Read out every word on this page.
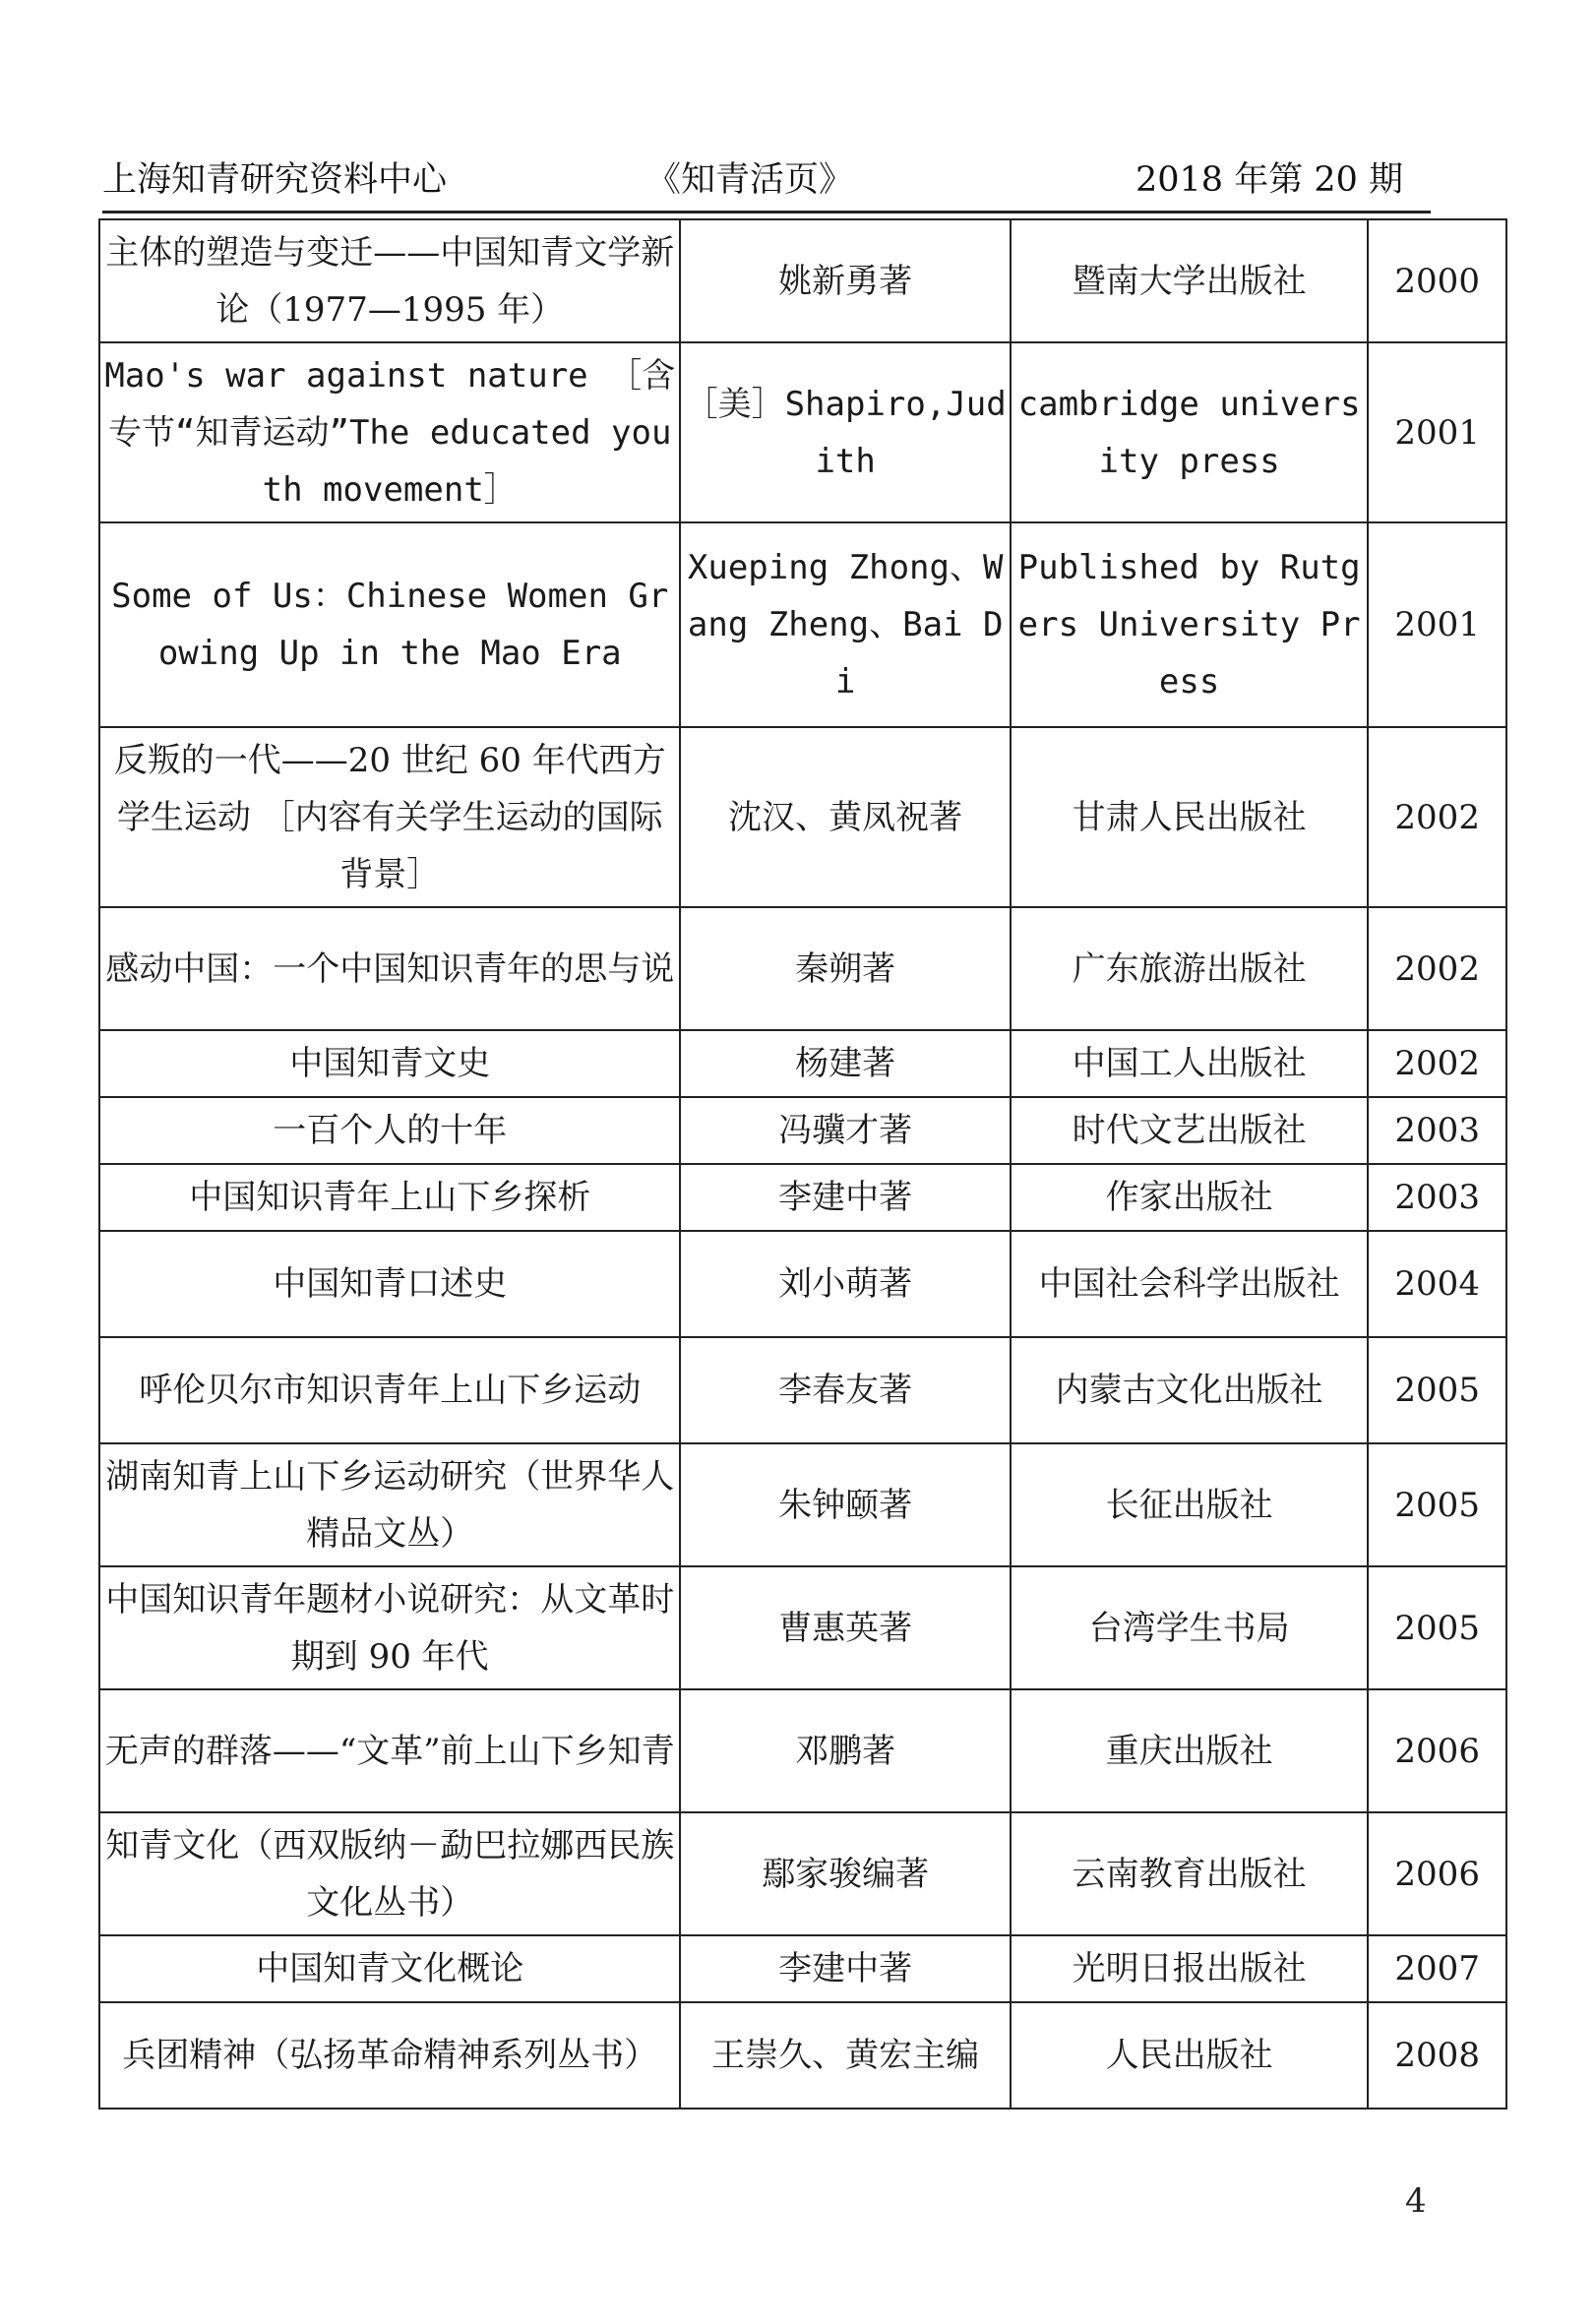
上海知青研究资料中心	《知青活页》	2018 年第 20 期
主体的塑造与变迁——中国知青文学新论（1977—1995 年）	姚新勇著	暨南大学出版社	2000
Mao's war against nature ［含专节“知青运动”The educated youth movement］	［美］Shapiro,Judith	cambridge university press	2001
Some of Us：Chinese Women Growing Up in the Mao Era	Xueping Zhong、Wang Zheng、Bai Di	Published by Rutgers University Press	2001
反叛的一代——20 世纪 60 年代西方学生运动 ［内容有关学生运动的国际背景］	沈汉、黄凤祝著	甘肃人民出版社	2002
感动中国：一个中国知识青年的思与说	秦朔著	广东旅游出版社	2002
中国知青文史	杨建著	中国工人出版社	2002
一百个人的十年	冯骥才著	时代文艺出版社	2003
中国知识青年上山下乡探析	李建中著	作家出版社	2003
中国知青口述史	刘小萌著	中国社会科学出版社	2004
呼伦贝尔市知识青年上山下乡运动	李春友著	内蒙古文化出版社	2005
湖南知青上山下乡运动研究（世界华人精品文丛）	朱钟颐著	长征出版社	2005
中国知识青年题材小说研究：从文革时期到 90 年代	曹惠英著	台湾学生书局	2005
无声的群落——“文革”前上山下乡知青	邓鹏著	重庆出版社	2006
知青文化（西双版纳－勐巴拉娜西民族文化丛书）	鄢家骏编著	云南教育出版社	2006
中国知青文化概论	李建中著	光明日报出版社	2007
兵团精神（弘扬革命精神系列丛书）	王崇久、黄宏主编	人民出版社	2008
4
